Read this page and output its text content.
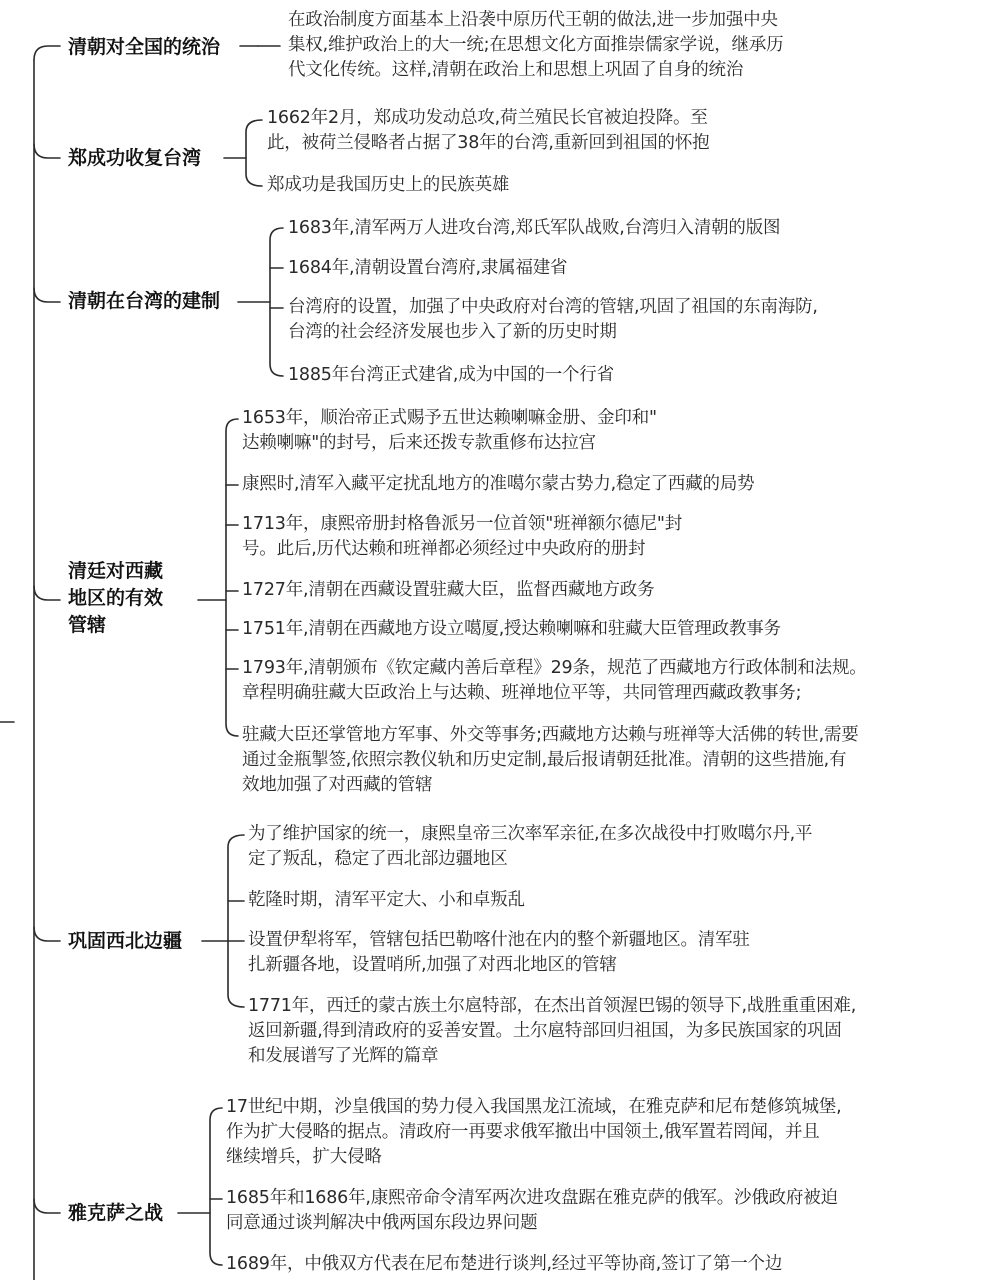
清朝对全国的统治
在政治制度方面基本上沿袭中原历代王朝的做法,进一步加强中央
集权,维护政治上的大一统;在思想文化方面推崇儒家学说，继承历
代文化传统。这样,清朝在政治上和思想上巩固了自身的统治
郑成功收复台湾
1662年2月，郑成功发动总攻,荷兰殖民长官被迫投降。至
此，被荷兰侵略者占据了38年的台湾,重新回到祖国的怀抱
郑成功是我国历史上的民族英雄
清朝在台湾的建制
1683年,清军两万人进攻台湾,郑氏军队战败,台湾归入清朝的版图
1684年,清朝设置台湾府,隶属福建省
台湾府的设置，加强了中央政府对台湾的管辖,巩固了祖国的东南海防,
台湾的社会经济发展也步入了新的历史时期
1885年台湾正式建省,成为中国的一个行省
清廷对西藏
地区的有效
管辖
1653年，顺治帝正式赐予五世达赖喇嘛金册、金印和"
达赖喇嘛"的封号，后来还拨专款重修布达拉宫
康熙时,清军入藏平定扰乱地方的准噶尔蒙古势力,稳定了西藏的局势
1713年，康熙帝册封格鲁派另一位首领"班禅额尔德尼"封
号。此后,历代达赖和班禅都必须经过中央政府的册封
1727年,清朝在西藏设置驻藏大臣，监督西藏地方政务
1751年,清朝在西藏地方设立噶厦,授达赖喇嘛和驻藏大臣管理政教事务
1793年,清朝颁布《钦定藏内善后章程》29条，规范了西藏地方行政体制和法规。
章程明确驻藏大臣政治上与达赖、班禅地位平等，共同管理西藏政教事务;
驻藏大臣还掌管地方军事、外交等事务;西藏地方达赖与班禅等大活佛的转世,需要
通过金瓶掣签,依照宗教仪轨和历史定制,最后报请朝廷批准。清朝的这些措施,有
效地加强了对西藏的管辖
巩固西北边疆
为了维护国家的统一，康熙皇帝三次率军亲征,在多次战役中打败噶尔丹,平
定了叛乱，稳定了西北部边疆地区
乾隆时期，清军平定大、小和卓叛乱
设置伊犁将军，管辖包括巴勒喀什池在内的整个新疆地区。清军驻
扎新疆各地，设置哨所,加强了对西北地区的管辖
1771年，西迁的蒙古族土尔扈特部，在杰出首领渥巴锡的领导下,战胜重重困难,
返回新疆,得到清政府的妥善安置。土尔扈特部回归祖国，为多民族国家的巩固
和发展谱写了光辉的篇章
雅克萨之战
17世纪中期，沙皇俄国的势力侵入我国黑龙江流域，在雅克萨和尼布楚修筑城堡,
作为扩大侵略的据点。清政府一再要求俄军撤出中国领土,俄军置若罔闻，并且
继续增兵，扩大侵略
1685年和1686年,康熙帝命令清军两次进攻盘踞在雅克萨的俄军。沙俄政府被迫
同意通过谈判解决中俄两国东段边界问题
1689年，中俄双方代表在尼布楚进行谈判,经过平等协商,签订了第一个边
